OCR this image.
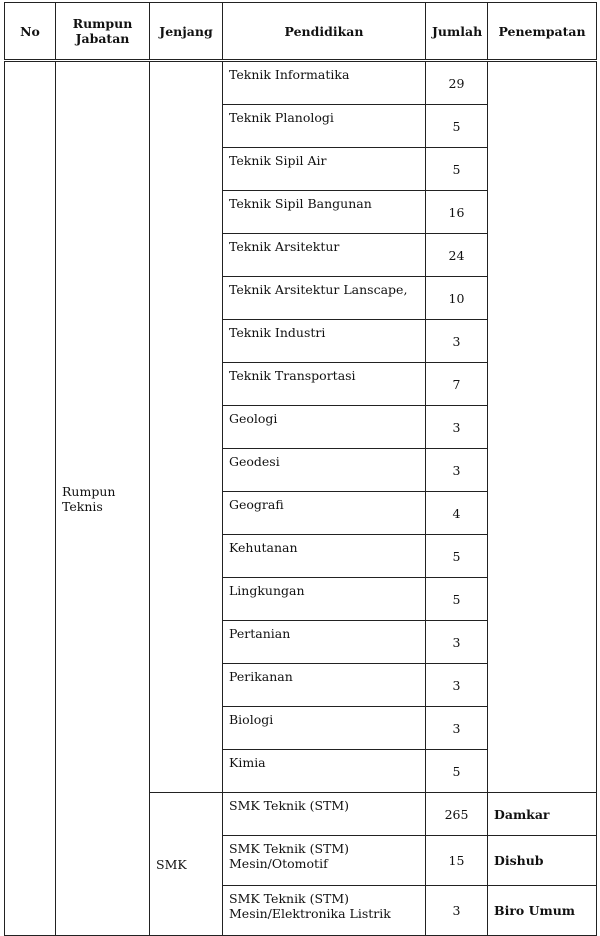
No	Rumpun Jabatan	Jenjang	Pendidikan	Jumlah	Penempatan
	Rumpun Teknis		Teknik Informatika	29	
			Teknik Planologi	5	
			Teknik Sipil Air	5	
			Teknik Sipil Bangunan	16	
			Teknik Arsitektur	24	
			Teknik Arsitektur Lanscape,	10	
			Teknik Industri	3	
			Teknik Transportasi	7	
			Geologi	3	
			Geodesi	3	
			Geografi	4	
			Kehutanan	5	
			Lingkungan	5	
			Pertanian	3	
			Perikanan	3	
			Biologi	3	
			Kimia	5	
		SMK	SMK Teknik (STM)	265	Damkar
			SMK Teknik (STM) Mesin/Otomotif	15	Dishub
			SMK Teknik (STM) Mesin/Elektronika Listrik	3	Biro Umum
